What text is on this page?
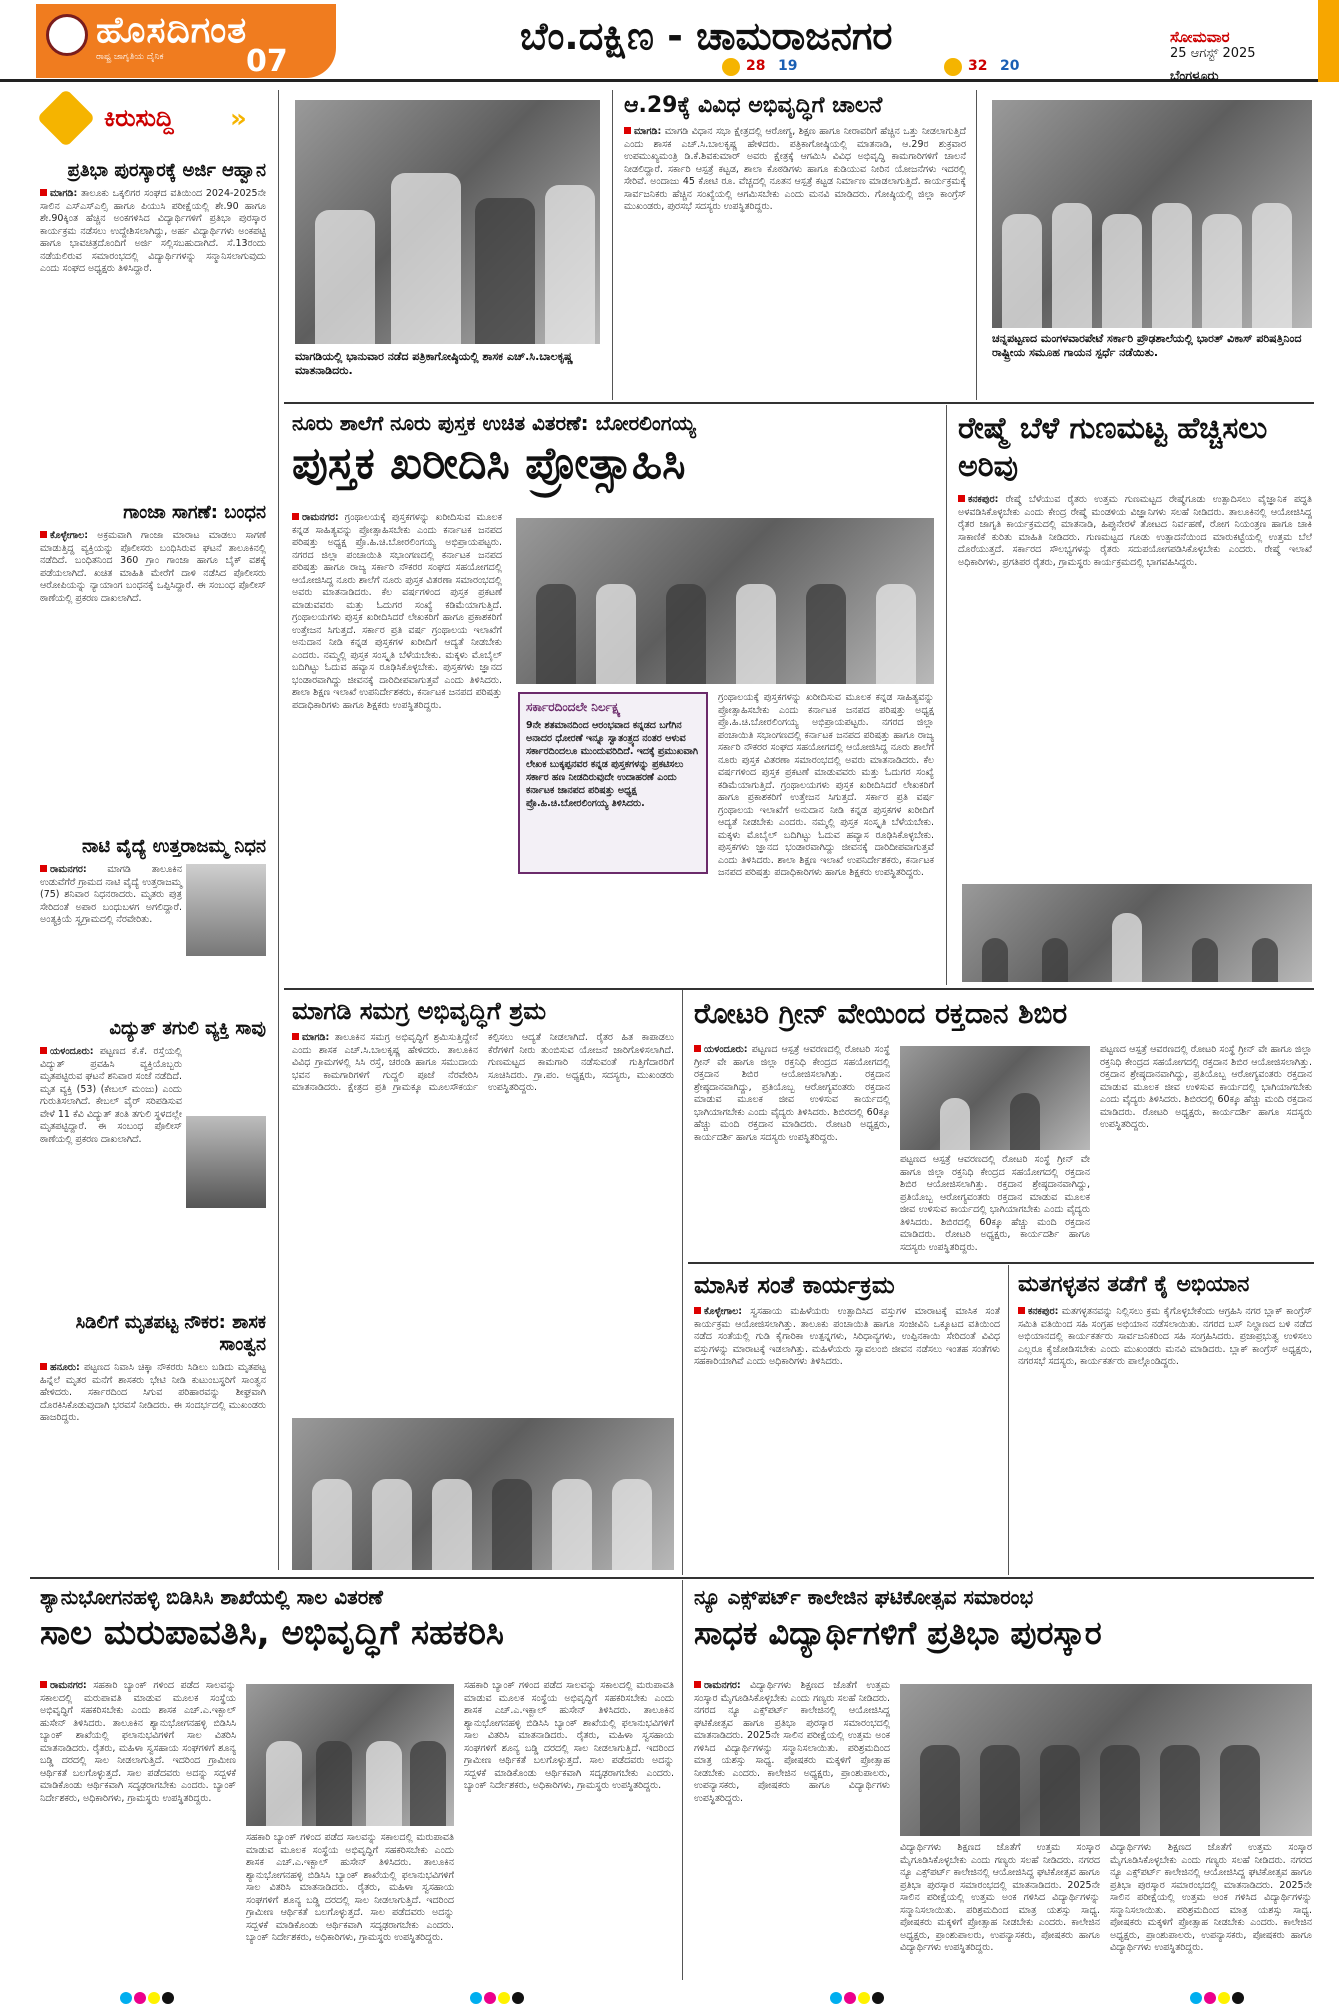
ಹೊಸದಿಗಂತ
ರಾಷ್ಟ್ರ ಜಾಗೃತಿಯ ದೈನಿಕ	07
ಬೆಂ.ದಕ್ಷಿಣ - ಚಾಮರಾಜನಗರ
28 19	32 20
ಸೋಮವಾರ
25 ಆಗಸ್ಟ್ 2025
ಬೆಂಗಳೂರು
ಕಿರುಸುದ್ದಿ »
ಪ್ರತಿಭಾ ಪುರಸ್ಕಾರಕ್ಕೆ ಅರ್ಜಿ ಆಹ್ವಾನ

ಮಾಗಡಿ: ತಾಲೂಕು ಒಕ್ಕಲಿಗರ ಸಂಘದ ವತಿಯಿಂದ 2024-2025ನೇ ಸಾಲಿನ ಎಸ್ಎಸ್ಎಲ್ಸಿ ಹಾಗೂ ಪಿಯುಸಿ ಪರೀಕ್ಷೆಯಲ್ಲಿ ಶೇ.90 ಹಾಗೂ ಶೇ.90ಕ್ಕಿಂತ ಹೆಚ್ಚಿನ ಅಂಕಗಳಿಸಿದ ವಿದ್ಯಾರ್ಥಿಗಳಿಗೆ ಪ್ರತಿಭಾ ಪುರಸ್ಕಾರ ಕಾರ್ಯಕ್ರಮ ನಡೆಸಲು ಉದ್ದೇಶಿಸಲಾಗಿದ್ದು, ಅರ್ಹ ವಿದ್ಯಾರ್ಥಿಗಳು ಅಂಕಪಟ್ಟಿ ಹಾಗೂ ಭಾವಚಿತ್ರದೊಂದಿಗೆ ಅರ್ಜಿ ಸಲ್ಲಿಸಬಹುದಾಗಿದೆ. ಸೆ.13ರಂದು ನಡೆಯಲಿರುವ ಸಮಾರಂಭದಲ್ಲಿ ವಿದ್ಯಾರ್ಥಿಗಳನ್ನು ಸನ್ಮಾನಿಸಲಾಗುವುದು ಎಂದು ಸಂಘದ ಅಧ್ಯಕ್ಷರು ತಿಳಿಸಿದ್ದಾರೆ.

ಗಾಂಜಾ ಸಾಗಣೆ: ಬಂಧನ

ಕೊಳ್ಳೇಗಾಲ: ಅಕ್ರಮವಾಗಿ ಗಾಂಜಾ ಮಾರಾಟ ಮಾಡಲು ಸಾಗಣೆ ಮಾಡುತ್ತಿದ್ದ ವ್ಯಕ್ತಿಯನ್ನು ಪೊಲೀಸರು ಬಂಧಿಸಿರುವ ಘಟನೆ ತಾಲೂಕಿನಲ್ಲಿ ನಡೆದಿದೆ. ಬಂಧಿತನಿಂದ 360 ಗ್ರಾಂ ಗಾಂಜಾ ಹಾಗೂ ಬೈಕ್ ವಶಕ್ಕೆ ಪಡೆಯಲಾಗಿದೆ. ಖಚಿತ ಮಾಹಿತಿ ಮೇರೆಗೆ ದಾಳಿ ನಡೆಸಿದ ಪೊಲೀಸರು ಆರೋಪಿಯನ್ನು ನ್ಯಾಯಾಂಗ ಬಂಧನಕ್ಕೆ ಒಪ್ಪಿಸಿದ್ದಾರೆ. ಈ ಸಂಬಂಧ ಪೊಲೀಸ್ ಠಾಣೆಯಲ್ಲಿ ಪ್ರಕರಣ ದಾಖಲಾಗಿದೆ.

ನಾಟಿ ವೈದ್ಯೆ ಉತ್ತರಾಜಮ್ಮ ನಿಧನ

ರಾಮನಗರ: ಮಾಗಡಿ ತಾಲೂಕಿನ ಉಡುವೆಗೆರೆ ಗ್ರಾಮದ ನಾಟಿ ವೈದ್ಯೆ ಉತ್ತರಾಜಮ್ಮ (75) ಶನಿವಾರ ನಿಧನರಾದರು. ಮೃತರು ಪುತ್ರ ಸೇರಿದಂತೆ ಅಪಾರ ಬಂಧುಬಳಗ ಅಗಲಿದ್ದಾರೆ. ಅಂತ್ಯಕ್ರಿಯೆ ಸ್ವಗ್ರಾಮದಲ್ಲಿ ನೆರವೇರಿತು.

ವಿದ್ಯುತ್ ತಗುಲಿ ವ್ಯಕ್ತಿ ಸಾವು

ಯಳಂದೂರು: ಪಟ್ಟಣದ ಕೆ.ಕೆ. ರಸ್ತೆಯಲ್ಲಿ ವಿದ್ಯುತ್ ಪ್ರವಹಿಸಿ ವ್ಯಕ್ತಿಯೊಬ್ಬರು ಮೃತಪಟ್ಟಿರುವ ಘಟನೆ ಶನಿವಾರ ಸಂಜೆ ನಡೆದಿದೆ. ಮೃತ ವ್ಯಕ್ತಿ (53) (ಕೇಬಲ್ ಮಂಜು) ಎಂದು ಗುರುತಿಸಲಾಗಿದೆ. ಕೇಬಲ್ ವೈರ್ ಸರಿಪಡಿಸುವ ವೇಳೆ 11 ಕೆವಿ ವಿದ್ಯುತ್ ತಂತಿ ತಗುಲಿ ಸ್ಥಳದಲ್ಲೇ ಮೃತಪಟ್ಟಿದ್ದಾರೆ. ಈ ಸಂಬಂಧ ಪೊಲೀಸ್ ಠಾಣೆಯಲ್ಲಿ ಪ್ರಕರಣ ದಾಖಲಾಗಿದೆ.

ಸಿಡಿಲಿಗೆ ಮೃತಪಟ್ಟ ನೌಕರ: ಶಾಸಕ ಸಾಂತ್ವನ

ಹನೂರು: ಪಟ್ಟಣದ ನಿವಾಸಿ ಚಿಕ್ಕಾ ನೌಕರರು ಸಿಡಿಲು ಬಡಿದು ಮೃತಪಟ್ಟ ಹಿನ್ನೆಲೆ ಮೃತರ ಮನೆಗೆ ಶಾಸಕರು ಭೇಟಿ ನೀಡಿ ಕುಟುಂಬಸ್ಥರಿಗೆ ಸಾಂತ್ವನ ಹೇಳಿದರು. ಸರ್ಕಾರದಿಂದ ಸಿಗುವ ಪರಿಹಾರವನ್ನು ಶೀಘ್ರವಾಗಿ ದೊರಕಿಸಿಕೊಡುವುದಾಗಿ ಭರವಸೆ ನೀಡಿದರು. ಈ ಸಂದರ್ಭದಲ್ಲಿ ಮುಖಂಡರು ಹಾಜರಿದ್ದರು.

ಮಾಗಡಿಯಲ್ಲಿ ಭಾನುವಾರ ನಡೆದ ಪತ್ರಿಕಾಗೋಷ್ಠಿಯಲ್ಲಿ ಶಾಸಕ ಎಚ್.ಸಿ.ಬಾಲಕೃಷ್ಣ ಮಾತನಾಡಿದರು.
ಆ.29ಕ್ಕೆ ವಿವಿಧ ಅಭಿವೃದ್ಧಿಗೆ ಚಾಲನೆ

ಮಾಗಡಿ: ಮಾಗಡಿ ವಿಧಾನ ಸಭಾ ಕ್ಷೇತ್ರದಲ್ಲಿ ಆರೋಗ್ಯ, ಶಿಕ್ಷಣ ಹಾಗೂ ನೀರಾವರಿಗೆ ಹೆಚ್ಚಿನ ಒತ್ತು ನೀಡಲಾಗುತ್ತಿದೆ ಎಂದು ಶಾಸಕ ಎಚ್.ಸಿ.ಬಾಲಕೃಷ್ಣ ಹೇಳಿದರು. ಪತ್ರಿಕಾಗೋಷ್ಠಿಯಲ್ಲಿ ಮಾತನಾಡಿ, ಆ.29ರ ಶುಕ್ರವಾರ ಉಪಮುಖ್ಯಮಂತ್ರಿ ಡಿ.ಕೆ.ಶಿವಕುಮಾರ್ ಅವರು ಕ್ಷೇತ್ರಕ್ಕೆ ಆಗಮಿಸಿ ವಿವಿಧ ಅಭಿವೃದ್ಧಿ ಕಾಮಗಾರಿಗಳಿಗೆ ಚಾಲನೆ ನೀಡಲಿದ್ದಾರೆ. ಸರ್ಕಾರಿ ಆಸ್ಪತ್ರೆ ಕಟ್ಟಡ, ಶಾಲಾ ಕೊಠಡಿಗಳು ಹಾಗೂ ಕುಡಿಯುವ ನೀರಿನ ಯೋಜನೆಗಳು ಇದರಲ್ಲಿ ಸೇರಿವೆ. ಅಂದಾಜು 45 ಕೋಟಿ ರೂ. ವೆಚ್ಚದಲ್ಲಿ ನೂತನ ಆಸ್ಪತ್ರೆ ಕಟ್ಟಡ ನಿರ್ಮಾಣ ಮಾಡಲಾಗುತ್ತಿದೆ. ಕಾರ್ಯಕ್ರಮಕ್ಕೆ ಸಾರ್ವಜನಿಕರು ಹೆಚ್ಚಿನ ಸಂಖ್ಯೆಯಲ್ಲಿ ಆಗಮಿಸಬೇಕು ಎಂದು ಮನವಿ ಮಾಡಿದರು. ಗೋಷ್ಠಿಯಲ್ಲಿ ಜಿಲ್ಲಾ ಕಾಂಗ್ರೆಸ್ ಮುಖಂಡರು, ಪುರಸಭೆ ಸದಸ್ಯರು ಉಪಸ್ಥಿತರಿದ್ದರು.

ಚನ್ನಪಟ್ಟಣದ ಮಂಗಳವಾರಪೇಟೆ ಸರ್ಕಾರಿ ಪ್ರೌಢಶಾಲೆಯಲ್ಲಿ ಭಾರತ್ ವಿಕಾಸ್ ಪರಿಷತ್ತಿನಿಂದ ರಾಷ್ಟ್ರೀಯ ಸಮೂಹ ಗಾಯನ ಸ್ಪರ್ಧೆ ನಡೆಯಿತು.
ನೂರು ಶಾಲೆಗೆ ನೂರು ಪುಸ್ತಕ ಉಚಿತ ವಿತರಣೆ: ಬೋರಲಿಂಗಯ್ಯ
ಪುಸ್ತಕ ಖರೀದಿಸಿ ಪ್ರೋತ್ಸಾಹಿಸಿ

ರಾಮನಗರ: ಗ್ರಂಥಾಲಯಕ್ಕೆ ಪುಸ್ತಕಗಳನ್ನು ಖರೀದಿಸುವ ಮೂಲಕ ಕನ್ನಡ ಸಾಹಿತ್ಯವನ್ನು ಪ್ರೋತ್ಸಾಹಿಸಬೇಕು ಎಂದು ಕರ್ನಾಟಕ ಜನಪದ ಪರಿಷತ್ತು ಅಧ್ಯಕ್ಷ ಪ್ರೊ.ಹಿ.ಚಿ.ಬೋರಲಿಂಗಯ್ಯ ಅಭಿಪ್ರಾಯಪಟ್ಟರು. ನಗರದ ಜಿಲ್ಲಾ ಪಂಚಾಯಿತಿ ಸಭಾಂಗಣದಲ್ಲಿ ಕರ್ನಾಟಕ ಜನಪದ ಪರಿಷತ್ತು ಹಾಗೂ ರಾಜ್ಯ ಸರ್ಕಾರಿ ನೌಕರರ ಸಂಘದ ಸಹಯೋಗದಲ್ಲಿ ಆಯೋಜಿಸಿದ್ದ ನೂರು ಶಾಲೆಗೆ ನೂರು ಪುಸ್ತಕ ವಿತರಣಾ ಸಮಾರಂಭದಲ್ಲಿ ಅವರು ಮಾತನಾಡಿದರು. ಕೆಲ ವರ್ಷಗಳಿಂದ ಪುಸ್ತಕ ಪ್ರಕಟಣೆ ಮಾಡುವವರು ಮತ್ತು ಓದುಗರ ಸಂಖ್ಯೆ ಕಡಿಮೆಯಾಗುತ್ತಿದೆ. ಗ್ರಂಥಾಲಯಗಳು ಪುಸ್ತಕ ಖರೀದಿಸಿದರೆ ಲೇಖಕರಿಗೆ ಹಾಗೂ ಪ್ರಕಾಶಕರಿಗೆ ಉತ್ತೇಜನ ಸಿಗುತ್ತದೆ. ಸರ್ಕಾರ ಪ್ರತಿ ವರ್ಷ ಗ್ರಂಥಾಲಯ ಇಲಾಖೆಗೆ ಅನುದಾನ ನೀಡಿ ಕನ್ನಡ ಪುಸ್ತಕಗಳ ಖರೀದಿಗೆ ಆದ್ಯತೆ ನೀಡಬೇಕು ಎಂದರು. ನಮ್ಮಲ್ಲಿ ಪುಸ್ತಕ ಸಂಸ್ಕೃತಿ ಬೆಳೆಯಬೇಕು. ಮಕ್ಕಳು ಮೊಬೈಲ್ ಬದಿಗಿಟ್ಟು ಓದುವ ಹವ್ಯಾಸ ರೂಢಿಸಿಕೊಳ್ಳಬೇಕು. ಪುಸ್ತಕಗಳು ಜ್ಞಾನದ ಭಂಡಾರವಾಗಿದ್ದು ಜೀವನಕ್ಕೆ ದಾರಿದೀಪವಾಗುತ್ತವೆ ಎಂದು ತಿಳಿಸಿದರು. ಶಾಲಾ ಶಿಕ್ಷಣ ಇಲಾಖೆ ಉಪನಿರ್ದೇಶಕರು, ಕರ್ನಾಟಕ ಜನಪದ ಪರಿಷತ್ತು ಪದಾಧಿಕಾರಿಗಳು ಹಾಗೂ ಶಿಕ್ಷಕರು ಉಪಸ್ಥಿತರಿದ್ದರು.	ಸರ್ಕಾರದಿಂದಲೇ ನಿರ್ಲಕ್ಷ್ಯ

9ನೇ ಶತಮಾನದಿಂದ ಆರಂಭವಾದ ಕನ್ನಡದ ಬಗೆಗಿನ ಅನಾದರ ಧೋರಣೆ ಇನ್ನೂ ಸ್ವಾತಂತ್ರ್ಯದ ನಂತರ ಆಳುವ ಸರ್ಕಾರದಿಂದಲೂ ಮುಂದುವರಿದಿದೆ. ಇದಕ್ಕೆ ಪ್ರಮುಖವಾಗಿ ಲೇಖಕ ಬುಕ್ಕಪ್ಪನವರ ಕನ್ನಡ ಪುಸ್ತಕಗಳನ್ನು ಪ್ರಕಟಿಸಲು ಸರ್ಕಾರ ಹಣ ನೀಡದಿರುವುದೇ ಉದಾಹರಣೆ ಎಂದು ಕರ್ನಾಟಕ ಜಾನಪದ ಪರಿಷತ್ತು ಅಧ್ಯಕ್ಷ ಪ್ರೊ.ಹಿ.ಚಿ.ಬೋರಲಿಂಗಯ್ಯ ತಿಳಿಸಿದರು.

ಗ್ರಂಥಾಲಯಕ್ಕೆ ಪುಸ್ತಕಗಳನ್ನು ಖರೀದಿಸುವ ಮೂಲಕ ಕನ್ನಡ ಸಾಹಿತ್ಯವನ್ನು ಪ್ರೋತ್ಸಾಹಿಸಬೇಕು ಎಂದು ಕರ್ನಾಟಕ ಜನಪದ ಪರಿಷತ್ತು ಅಧ್ಯಕ್ಷ ಪ್ರೊ.ಹಿ.ಚಿ.ಬೋರಲಿಂಗಯ್ಯ ಅಭಿಪ್ರಾಯಪಟ್ಟರು. ನಗರದ ಜಿಲ್ಲಾ ಪಂಚಾಯಿತಿ ಸಭಾಂಗಣದಲ್ಲಿ ಕರ್ನಾಟಕ ಜನಪದ ಪರಿಷತ್ತು ಹಾಗೂ ರಾಜ್ಯ ಸರ್ಕಾರಿ ನೌಕರರ ಸಂಘದ ಸಹಯೋಗದಲ್ಲಿ ಆಯೋಜಿಸಿದ್ದ ನೂರು ಶಾಲೆಗೆ ನೂರು ಪುಸ್ತಕ ವಿತರಣಾ ಸಮಾರಂಭದಲ್ಲಿ ಅವರು ಮಾತನಾಡಿದರು. ಕೆಲ ವರ್ಷಗಳಿಂದ ಪುಸ್ತಕ ಪ್ರಕಟಣೆ ಮಾಡುವವರು ಮತ್ತು ಓದುಗರ ಸಂಖ್ಯೆ ಕಡಿಮೆಯಾಗುತ್ತಿದೆ. ಗ್ರಂಥಾಲಯಗಳು ಪುಸ್ತಕ ಖರೀದಿಸಿದರೆ ಲೇಖಕರಿಗೆ ಹಾಗೂ ಪ್ರಕಾಶಕರಿಗೆ ಉತ್ತೇಜನ ಸಿಗುತ್ತದೆ. ಸರ್ಕಾರ ಪ್ರತಿ ವರ್ಷ ಗ್ರಂಥಾಲಯ ಇಲಾಖೆಗೆ ಅನುದಾನ ನೀಡಿ ಕನ್ನಡ ಪುಸ್ತಕಗಳ ಖರೀದಿಗೆ ಆದ್ಯತೆ ನೀಡಬೇಕು ಎಂದರು. ನಮ್ಮಲ್ಲಿ ಪುಸ್ತಕ ಸಂಸ್ಕೃತಿ ಬೆಳೆಯಬೇಕು. ಮಕ್ಕಳು ಮೊಬೈಲ್ ಬದಿಗಿಟ್ಟು ಓದುವ ಹವ್ಯಾಸ ರೂಢಿಸಿಕೊಳ್ಳಬೇಕು. ಪುಸ್ತಕಗಳು ಜ್ಞಾನದ ಭಂಡಾರವಾಗಿದ್ದು ಜೀವನಕ್ಕೆ ದಾರಿದೀಪವಾಗುತ್ತವೆ ಎಂದು ತಿಳಿಸಿದರು. ಶಾಲಾ ಶಿಕ್ಷಣ ಇಲಾಖೆ ಉಪನಿರ್ದೇಶಕರು, ಕರ್ನಾಟಕ ಜನಪದ ಪರಿಷತ್ತು ಪದಾಧಿಕಾರಿಗಳು ಹಾಗೂ ಶಿಕ್ಷಕರು ಉಪಸ್ಥಿತರಿದ್ದರು.

ರೇಷ್ಮೆ ಬೆಳೆ ಗುಣಮಟ್ಟ ಹೆಚ್ಚಿಸಲು ಅರಿವು

ಕನಕಪುರ: ರೇಷ್ಮೆ ಬೆಳೆಯುವ ರೈತರು ಉತ್ತಮ ಗುಣಮಟ್ಟದ ರೇಷ್ಮೆಗೂಡು ಉತ್ಪಾದಿಸಲು ವೈಜ್ಞಾನಿಕ ಪದ್ಧತಿ ಅಳವಡಿಸಿಕೊಳ್ಳಬೇಕು ಎಂದು ಕೇಂದ್ರ ರೇಷ್ಮೆ ಮಂಡಳಿಯ ವಿಜ್ಞಾನಿಗಳು ಸಲಹೆ ನೀಡಿದರು. ತಾಲೂಕಿನಲ್ಲಿ ಆಯೋಜಿಸಿದ್ದ ರೈತರ ಜಾಗೃತಿ ಕಾರ್ಯಕ್ರಮದಲ್ಲಿ ಮಾತನಾಡಿ, ಹಿಪ್ಪುನೇರಳೆ ತೋಟದ ನಿರ್ವಹಣೆ, ರೋಗ ನಿಯಂತ್ರಣ ಹಾಗೂ ಚಾಕಿ ಸಾಕಾಣಿಕೆ ಕುರಿತು ಮಾಹಿತಿ ನೀಡಿದರು. ಗುಣಮಟ್ಟದ ಗೂಡು ಉತ್ಪಾದನೆಯಿಂದ ಮಾರುಕಟ್ಟೆಯಲ್ಲಿ ಉತ್ತಮ ಬೆಲೆ ದೊರೆಯುತ್ತದೆ. ಸರ್ಕಾರದ ಸೌಲಭ್ಯಗಳನ್ನು ರೈತರು ಸದುಪಯೋಗಪಡಿಸಿಕೊಳ್ಳಬೇಕು ಎಂದರು. ರೇಷ್ಮೆ ಇಲಾಖೆ ಅಧಿಕಾರಿಗಳು, ಪ್ರಗತಿಪರ ರೈತರು, ಗ್ರಾಮಸ್ಥರು ಕಾರ್ಯಕ್ರಮದಲ್ಲಿ ಭಾಗವಹಿಸಿದ್ದರು.

ಮಾಗಡಿ ಸಮಗ್ರ ಅಭಿವೃದ್ಧಿಗೆ ಶ್ರಮ

ಮಾಗಡಿ: ತಾಲೂಕಿನ ಸಮಗ್ರ ಅಭಿವೃದ್ಧಿಗೆ ಶ್ರಮಿಸುತ್ತಿದ್ದೇನೆ ಎಂದು ಶಾಸಕ ಎಚ್.ಸಿ.ಬಾಲಕೃಷ್ಣ ಹೇಳಿದರು. ತಾಲೂಕಿನ ವಿವಿಧ ಗ್ರಾಮಗಳಲ್ಲಿ ಸಿಸಿ ರಸ್ತೆ, ಚರಂಡಿ ಹಾಗೂ ಸಮುದಾಯ ಭವನ ಕಾಮಗಾರಿಗಳಿಗೆ ಗುದ್ದಲಿ ಪೂಜೆ ನೆರವೇರಿಸಿ ಮಾತನಾಡಿದರು. ಕ್ಷೇತ್ರದ ಪ್ರತಿ ಗ್ರಾಮಕ್ಕೂ ಮೂಲಸೌಕರ್ಯ ಕಲ್ಪಿಸಲು ಆದ್ಯತೆ ನೀಡಲಾಗಿದೆ. ರೈತರ ಹಿತ ಕಾಪಾಡಲು ಕೆರೆಗಳಿಗೆ ನೀರು ತುಂಬಿಸುವ ಯೋಜನೆ ಜಾರಿಗೊಳಿಸಲಾಗಿದೆ. ಗುಣಮಟ್ಟದ ಕಾಮಗಾರಿ ನಡೆಸುವಂತೆ ಗುತ್ತಿಗೆದಾರರಿಗೆ ಸೂಚಿಸಿದರು. ಗ್ರಾ.ಪಂ. ಅಧ್ಯಕ್ಷರು, ಸದಸ್ಯರು, ಮುಖಂಡರು ಉಪಸ್ಥಿತರಿದ್ದರು.

ರೋಟರಿ ಗ್ರೀನ್ ವೇಯಿಂದ ರಕ್ತದಾನ ಶಿಬಿರ

ಯಳಂದೂರು: ಪಟ್ಟಣದ ಆಸ್ಪತ್ರೆ ಆವರಣದಲ್ಲಿ ರೋಟರಿ ಸಂಸ್ಥೆ ಗ್ರೀನ್ ವೇ ಹಾಗೂ ಜಿಲ್ಲಾ ರಕ್ತನಿಧಿ ಕೇಂದ್ರದ ಸಹಯೋಗದಲ್ಲಿ ರಕ್ತದಾನ ಶಿಬಿರ ಆಯೋಜಿಸಲಾಗಿತ್ತು. ರಕ್ತದಾನ ಶ್ರೇಷ್ಠದಾನವಾಗಿದ್ದು, ಪ್ರತಿಯೊಬ್ಬ ಆರೋಗ್ಯವಂತರು ರಕ್ತದಾನ ಮಾಡುವ ಮೂಲಕ ಜೀವ ಉಳಿಸುವ ಕಾರ್ಯದಲ್ಲಿ ಭಾಗಿಯಾಗಬೇಕು ಎಂದು ವೈದ್ಯರು ತಿಳಿಸಿದರು. ಶಿಬಿರದಲ್ಲಿ 60ಕ್ಕೂ ಹೆಚ್ಚು ಮಂದಿ ರಕ್ತದಾನ ಮಾಡಿದರು. ರೋಟರಿ ಅಧ್ಯಕ್ಷರು, ಕಾರ್ಯದರ್ಶಿ ಹಾಗೂ ಸದಸ್ಯರು ಉಪಸ್ಥಿತರಿದ್ದರು.

ಪಟ್ಟಣದ ಆಸ್ಪತ್ರೆ ಆವರಣದಲ್ಲಿ ರೋಟರಿ ಸಂಸ್ಥೆ ಗ್ರೀನ್ ವೇ ಹಾಗೂ ಜಿಲ್ಲಾ ರಕ್ತನಿಧಿ ಕೇಂದ್ರದ ಸಹಯೋಗದಲ್ಲಿ ರಕ್ತದಾನ ಶಿಬಿರ ಆಯೋಜಿಸಲಾಗಿತ್ತು. ರಕ್ತದಾನ ಶ್ರೇಷ್ಠದಾನವಾಗಿದ್ದು, ಪ್ರತಿಯೊಬ್ಬ ಆರೋಗ್ಯವಂತರು ರಕ್ತದಾನ ಮಾಡುವ ಮೂಲಕ ಜೀವ ಉಳಿಸುವ ಕಾರ್ಯದಲ್ಲಿ ಭಾಗಿಯಾಗಬೇಕು ಎಂದು ವೈದ್ಯರು ತಿಳಿಸಿದರು. ಶಿಬಿರದಲ್ಲಿ 60ಕ್ಕೂ ಹೆಚ್ಚು ಮಂದಿ ರಕ್ತದಾನ ಮಾಡಿದರು. ರೋಟರಿ ಅಧ್ಯಕ್ಷರು, ಕಾರ್ಯದರ್ಶಿ ಹಾಗೂ ಸದಸ್ಯರು ಉಪಸ್ಥಿತರಿದ್ದರು.

ಪಟ್ಟಣದ ಆಸ್ಪತ್ರೆ ಆವರಣದಲ್ಲಿ ರೋಟರಿ ಸಂಸ್ಥೆ ಗ್ರೀನ್ ವೇ ಹಾಗೂ ಜಿಲ್ಲಾ ರಕ್ತನಿಧಿ ಕೇಂದ್ರದ ಸಹಯೋಗದಲ್ಲಿ ರಕ್ತದಾನ ಶಿಬಿರ ಆಯೋಜಿಸಲಾಗಿತ್ತು. ರಕ್ತದಾನ ಶ್ರೇಷ್ಠದಾನವಾಗಿದ್ದು, ಪ್ರತಿಯೊಬ್ಬ ಆರೋಗ್ಯವಂತರು ರಕ್ತದಾನ ಮಾಡುವ ಮೂಲಕ ಜೀವ ಉಳಿಸುವ ಕಾರ್ಯದಲ್ಲಿ ಭಾಗಿಯಾಗಬೇಕು ಎಂದು ವೈದ್ಯರು ತಿಳಿಸಿದರು. ಶಿಬಿರದಲ್ಲಿ 60ಕ್ಕೂ ಹೆಚ್ಚು ಮಂದಿ ರಕ್ತದಾನ ಮಾಡಿದರು. ರೋಟರಿ ಅಧ್ಯಕ್ಷರು, ಕಾರ್ಯದರ್ಶಿ ಹಾಗೂ ಸದಸ್ಯರು ಉಪಸ್ಥಿತರಿದ್ದರು.

ಮಾಸಿಕ ಸಂತೆ ಕಾರ್ಯಕ್ರಮ

ಕೊಳ್ಳೇಗಾಲ: ಸ್ವಸಹಾಯ ಮಹಿಳೆಯರು ಉತ್ಪಾದಿಸಿದ ವಸ್ತುಗಳ ಮಾರಾಟಕ್ಕೆ ಮಾಸಿಕ ಸಂತೆ ಕಾರ್ಯಕ್ರಮ ಆಯೋಜಿಸಲಾಗಿತ್ತು. ತಾಲೂಕು ಪಂಚಾಯಿತಿ ಹಾಗೂ ಸಂಜೀವಿನಿ ಒಕ್ಕೂಟದ ವತಿಯಿಂದ ನಡೆದ ಸಂತೆಯಲ್ಲಿ ಗುಡಿ ಕೈಗಾರಿಕಾ ಉತ್ಪನ್ನಗಳು, ಸಿರಿಧಾನ್ಯಗಳು, ಉಪ್ಪಿನಕಾಯಿ ಸೇರಿದಂತೆ ವಿವಿಧ ವಸ್ತುಗಳನ್ನು ಮಾರಾಟಕ್ಕೆ ಇಡಲಾಗಿತ್ತು. ಮಹಿಳೆಯರು ಸ್ವಾವಲಂಬಿ ಜೀವನ ನಡೆಸಲು ಇಂತಹ ಸಂತೆಗಳು ಸಹಕಾರಿಯಾಗಿವೆ ಎಂದು ಅಧಿಕಾರಿಗಳು ತಿಳಿಸಿದರು.

ಮತಗಳ್ಳತನ ತಡೆಗೆ ಕೈ ಅಭಿಯಾನ

ಕನಕಪುರ: ಮತಗಳ್ಳತನವನ್ನು ನಿಲ್ಲಿಸಲು ಕ್ರಮ ಕೈಗೊಳ್ಳಬೇಕೆಂದು ಆಗ್ರಹಿಸಿ ನಗರ ಬ್ಲಾಕ್ ಕಾಂಗ್ರೆಸ್ ಸಮಿತಿ ವತಿಯಿಂದ ಸಹಿ ಸಂಗ್ರಹ ಅಭಿಯಾನ ನಡೆಸಲಾಯಿತು. ನಗರದ ಬಸ್ ನಿಲ್ದಾಣದ ಬಳಿ ನಡೆದ ಅಭಿಯಾನದಲ್ಲಿ ಕಾರ್ಯಕರ್ತರು ಸಾರ್ವಜನಿಕರಿಂದ ಸಹಿ ಸಂಗ್ರಹಿಸಿದರು. ಪ್ರಜಾಪ್ರಭುತ್ವ ಉಳಿಸಲು ಎಲ್ಲರೂ ಕೈಜೋಡಿಸಬೇಕು ಎಂದು ಮುಖಂಡರು ಮನವಿ ಮಾಡಿದರು. ಬ್ಲಾಕ್ ಕಾಂಗ್ರೆಸ್ ಅಧ್ಯಕ್ಷರು, ನಗರಸಭೆ ಸದಸ್ಯರು, ಕಾರ್ಯಕರ್ತರು ಪಾಲ್ಗೊಂಡಿದ್ದರು.

ಶ್ಯಾನುಭೋಗನಹಳ್ಳಿ ಬಿಡಿಸಿಸಿ ಶಾಖೆಯಲ್ಲಿ ಸಾಲ ವಿತರಣೆ
ಸಾಲ ಮರುಪಾವತಿಸಿ, ಅಭಿವೃದ್ಧಿಗೆ ಸಹಕರಿಸಿ

ರಾಮನಗರ: ಸಹಕಾರಿ ಬ್ಯಾಂಕ್ ಗಳಿಂದ ಪಡೆದ ಸಾಲವನ್ನು ಸಕಾಲದಲ್ಲಿ ಮರುಪಾವತಿ ಮಾಡುವ ಮೂಲಕ ಸಂಸ್ಥೆಯ ಅಭಿವೃದ್ಧಿಗೆ ಸಹಕರಿಸಬೇಕು ಎಂದು ಶಾಸಕ ಎಚ್.ಎ.ಇಕ್ಬಾಲ್ ಹುಸೇನ್ ತಿಳಿಸಿದರು. ತಾಲೂಕಿನ ಶ್ಯಾನುಭೋಗನಹಳ್ಳಿ ಬಿಡಿಸಿಸಿ ಬ್ಯಾಂಕ್ ಶಾಖೆಯಲ್ಲಿ ಫಲಾನುಭವಿಗಳಿಗೆ ಸಾಲ ವಿತರಿಸಿ ಮಾತನಾಡಿದರು. ರೈತರು, ಮಹಿಳಾ ಸ್ವಸಹಾಯ ಸಂಘಗಳಿಗೆ ಶೂನ್ಯ ಬಡ್ಡಿ ದರದಲ್ಲಿ ಸಾಲ ನೀಡಲಾಗುತ್ತಿದೆ. ಇದರಿಂದ ಗ್ರಾಮೀಣ ಆರ್ಥಿಕತೆ ಬಲಗೊಳ್ಳುತ್ತದೆ. ಸಾಲ ಪಡೆದವರು ಅದನ್ನು ಸದ್ಬಳಕೆ ಮಾಡಿಕೊಂಡು ಆರ್ಥಿಕವಾಗಿ ಸದೃಢರಾಗಬೇಕು ಎಂದರು. ಬ್ಯಾಂಕ್ ನಿರ್ದೇಶಕರು, ಅಧಿಕಾರಿಗಳು, ಗ್ರಾಮಸ್ಥರು ಉಪಸ್ಥಿತರಿದ್ದರು.

ಸಹಕಾರಿ ಬ್ಯಾಂಕ್ ಗಳಿಂದ ಪಡೆದ ಸಾಲವನ್ನು ಸಕಾಲದಲ್ಲಿ ಮರುಪಾವತಿ ಮಾಡುವ ಮೂಲಕ ಸಂಸ್ಥೆಯ ಅಭಿವೃದ್ಧಿಗೆ ಸಹಕರಿಸಬೇಕು ಎಂದು ಶಾಸಕ ಎಚ್.ಎ.ಇಕ್ಬಾಲ್ ಹುಸೇನ್ ತಿಳಿಸಿದರು. ತಾಲೂಕಿನ ಶ್ಯಾನುಭೋಗನಹಳ್ಳಿ ಬಿಡಿಸಿಸಿ ಬ್ಯಾಂಕ್ ಶಾಖೆಯಲ್ಲಿ ಫಲಾನುಭವಿಗಳಿಗೆ ಸಾಲ ವಿತರಿಸಿ ಮಾತನಾಡಿದರು. ರೈತರು, ಮಹಿಳಾ ಸ್ವಸಹಾಯ ಸಂಘಗಳಿಗೆ ಶೂನ್ಯ ಬಡ್ಡಿ ದರದಲ್ಲಿ ಸಾಲ ನೀಡಲಾಗುತ್ತಿದೆ. ಇದರಿಂದ ಗ್ರಾಮೀಣ ಆರ್ಥಿಕತೆ ಬಲಗೊಳ್ಳುತ್ತದೆ. ಸಾಲ ಪಡೆದವರು ಅದನ್ನು ಸದ್ಬಳಕೆ ಮಾಡಿಕೊಂಡು ಆರ್ಥಿಕವಾಗಿ ಸದೃಢರಾಗಬೇಕು ಎಂದರು. ಬ್ಯಾಂಕ್ ನಿರ್ದೇಶಕರು, ಅಧಿಕಾರಿಗಳು, ಗ್ರಾಮಸ್ಥರು ಉಪಸ್ಥಿತರಿದ್ದರು.

ಸಹಕಾರಿ ಬ್ಯಾಂಕ್ ಗಳಿಂದ ಪಡೆದ ಸಾಲವನ್ನು ಸಕಾಲದಲ್ಲಿ ಮರುಪಾವತಿ ಮಾಡುವ ಮೂಲಕ ಸಂಸ್ಥೆಯ ಅಭಿವೃದ್ಧಿಗೆ ಸಹಕರಿಸಬೇಕು ಎಂದು ಶಾಸಕ ಎಚ್.ಎ.ಇಕ್ಬಾಲ್ ಹುಸೇನ್ ತಿಳಿಸಿದರು. ತಾಲೂಕಿನ ಶ್ಯಾನುಭೋಗನಹಳ್ಳಿ ಬಿಡಿಸಿಸಿ ಬ್ಯಾಂಕ್ ಶಾಖೆಯಲ್ಲಿ ಫಲಾನುಭವಿಗಳಿಗೆ ಸಾಲ ವಿತರಿಸಿ ಮಾತನಾಡಿದರು. ರೈತರು, ಮಹಿಳಾ ಸ್ವಸಹಾಯ ಸಂಘಗಳಿಗೆ ಶೂನ್ಯ ಬಡ್ಡಿ ದರದಲ್ಲಿ ಸಾಲ ನೀಡಲಾಗುತ್ತಿದೆ. ಇದರಿಂದ ಗ್ರಾಮೀಣ ಆರ್ಥಿಕತೆ ಬಲಗೊಳ್ಳುತ್ತದೆ. ಸಾಲ ಪಡೆದವರು ಅದನ್ನು ಸದ್ಬಳಕೆ ಮಾಡಿಕೊಂಡು ಆರ್ಥಿಕವಾಗಿ ಸದೃಢರಾಗಬೇಕು ಎಂದರು. ಬ್ಯಾಂಕ್ ನಿರ್ದೇಶಕರು, ಅಧಿಕಾರಿಗಳು, ಗ್ರಾಮಸ್ಥರು ಉಪಸ್ಥಿತರಿದ್ದರು.

ನ್ಯೂ ಎಕ್ಸ್‌ಪರ್ಟ್ ಕಾಲೇಜಿನ ಘಟಿಕೋತ್ಸವ ಸಮಾರಂಭ
ಸಾಧಕ ವಿದ್ಯಾರ್ಥಿಗಳಿಗೆ ಪ್ರತಿಭಾ ಪುರಸ್ಕಾರ

ರಾಮನಗರ: ವಿದ್ಯಾರ್ಥಿಗಳು ಶಿಕ್ಷಣದ ಜೊತೆಗೆ ಉತ್ತಮ ಸಂಸ್ಕಾರ ಮೈಗೂಡಿಸಿಕೊಳ್ಳಬೇಕು ಎಂದು ಗಣ್ಯರು ಸಲಹೆ ನೀಡಿದರು. ನಗರದ ನ್ಯೂ ಎಕ್ಸ್‌ಪರ್ಟ್ ಕಾಲೇಜಿನಲ್ಲಿ ಆಯೋಜಿಸಿದ್ದ ಘಟಿಕೋತ್ಸವ ಹಾಗೂ ಪ್ರತಿಭಾ ಪುರಸ್ಕಾರ ಸಮಾರಂಭದಲ್ಲಿ ಮಾತನಾಡಿದರು. 2025ನೇ ಸಾಲಿನ ಪರೀಕ್ಷೆಯಲ್ಲಿ ಉತ್ತಮ ಅಂಕ ಗಳಿಸಿದ ವಿದ್ಯಾರ್ಥಿಗಳನ್ನು ಸನ್ಮಾನಿಸಲಾಯಿತು. ಪರಿಶ್ರಮದಿಂದ ಮಾತ್ರ ಯಶಸ್ಸು ಸಾಧ್ಯ. ಪೋಷಕರು ಮಕ್ಕಳಿಗೆ ಪ್ರೋತ್ಸಾಹ ನೀಡಬೇಕು ಎಂದರು. ಕಾಲೇಜಿನ ಅಧ್ಯಕ್ಷರು, ಪ್ರಾಂಶುಪಾಲರು, ಉಪನ್ಯಾಸಕರು, ಪೋಷಕರು ಹಾಗೂ ವಿದ್ಯಾರ್ಥಿಗಳು ಉಪಸ್ಥಿತರಿದ್ದರು.

ವಿದ್ಯಾರ್ಥಿಗಳು ಶಿಕ್ಷಣದ ಜೊತೆಗೆ ಉತ್ತಮ ಸಂಸ್ಕಾರ ಮೈಗೂಡಿಸಿಕೊಳ್ಳಬೇಕು ಎಂದು ಗಣ್ಯರು ಸಲಹೆ ನೀಡಿದರು. ನಗರದ ನ್ಯೂ ಎಕ್ಸ್‌ಪರ್ಟ್ ಕಾಲೇಜಿನಲ್ಲಿ ಆಯೋಜಿಸಿದ್ದ ಘಟಿಕೋತ್ಸವ ಹಾಗೂ ಪ್ರತಿಭಾ ಪುರಸ್ಕಾರ ಸಮಾರಂಭದಲ್ಲಿ ಮಾತನಾಡಿದರು. 2025ನೇ ಸಾಲಿನ ಪರೀಕ್ಷೆಯಲ್ಲಿ ಉತ್ತಮ ಅಂಕ ಗಳಿಸಿದ ವಿದ್ಯಾರ್ಥಿಗಳನ್ನು ಸನ್ಮಾನಿಸಲಾಯಿತು. ಪರಿಶ್ರಮದಿಂದ ಮಾತ್ರ ಯಶಸ್ಸು ಸಾಧ್ಯ. ಪೋಷಕರು ಮಕ್ಕಳಿಗೆ ಪ್ರೋತ್ಸಾಹ ನೀಡಬೇಕು ಎಂದರು. ಕಾಲೇಜಿನ ಅಧ್ಯಕ್ಷರು, ಪ್ರಾಂಶುಪಾಲರು, ಉಪನ್ಯಾಸಕರು, ಪೋಷಕರು ಹಾಗೂ ವಿದ್ಯಾರ್ಥಿಗಳು ಉಪಸ್ಥಿತರಿದ್ದರು.

ವಿದ್ಯಾರ್ಥಿಗಳು ಶಿಕ್ಷಣದ ಜೊತೆಗೆ ಉತ್ತಮ ಸಂಸ್ಕಾರ ಮೈಗೂಡಿಸಿಕೊಳ್ಳಬೇಕು ಎಂದು ಗಣ್ಯರು ಸಲಹೆ ನೀಡಿದರು. ನಗರದ ನ್ಯೂ ಎಕ್ಸ್‌ಪರ್ಟ್ ಕಾಲೇಜಿನಲ್ಲಿ ಆಯೋಜಿಸಿದ್ದ ಘಟಿಕೋತ್ಸವ ಹಾಗೂ ಪ್ರತಿಭಾ ಪುರಸ್ಕಾರ ಸಮಾರಂಭದಲ್ಲಿ ಮಾತನಾಡಿದರು. 2025ನೇ ಸಾಲಿನ ಪರೀಕ್ಷೆಯಲ್ಲಿ ಉತ್ತಮ ಅಂಕ ಗಳಿಸಿದ ವಿದ್ಯಾರ್ಥಿಗಳನ್ನು ಸನ್ಮಾನಿಸಲಾಯಿತು. ಪರಿಶ್ರಮದಿಂದ ಮಾತ್ರ ಯಶಸ್ಸು ಸಾಧ್ಯ. ಪೋಷಕರು ಮಕ್ಕಳಿಗೆ ಪ್ರೋತ್ಸಾಹ ನೀಡಬೇಕು ಎಂದರು. ಕಾಲೇಜಿನ ಅಧ್ಯಕ್ಷರು, ಪ್ರಾಂಶುಪಾಲರು, ಉಪನ್ಯಾಸಕರು, ಪೋಷಕರು ಹಾಗೂ ವಿದ್ಯಾರ್ಥಿಗಳು ಉಪಸ್ಥಿತರಿದ್ದರು.
